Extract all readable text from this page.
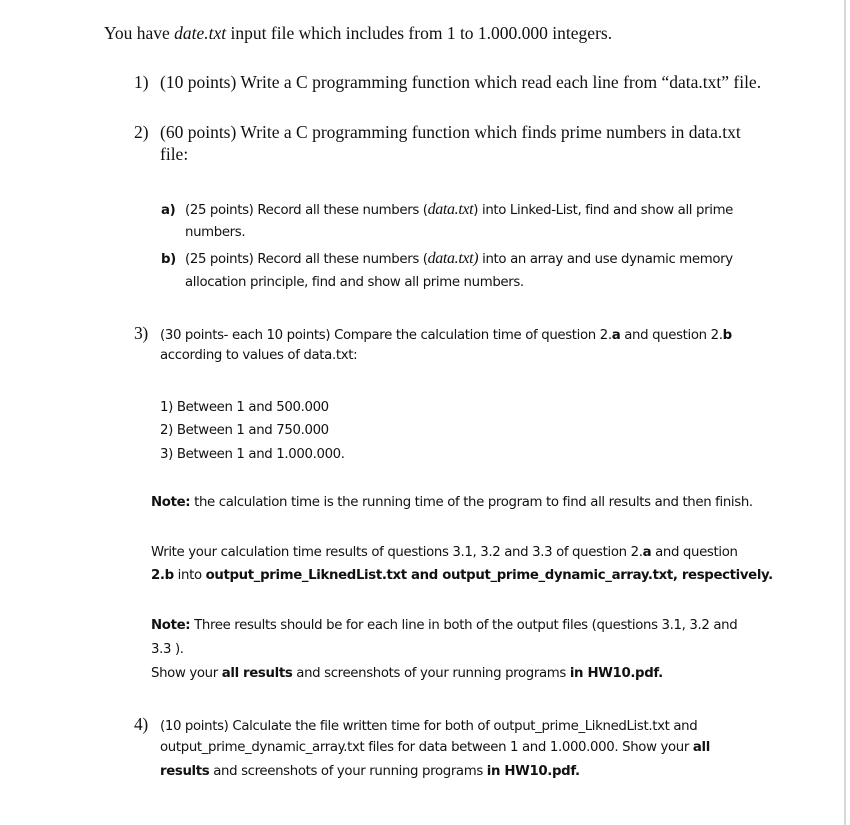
You have date.txt input file which includes from 1 to 1.000.000 integers.
1) (10 points) Write a C programming function which read each line from “data.txt” file.
2) (60 points) Write a C programming function which finds prime numbers in data.txt
file:
a) (25 points) Record all these numbers (data.txt) into Linked-List, find and show all prime
numbers.
b) (25 points) Record all these numbers (data.txt) into an array and use dynamic memory
allocation principle, find and show all prime numbers.
3) (30 points- each 10 points) Compare the calculation time of question 2.a and question 2.b
according to values of data.txt:
1) Between 1 and 500.000
2) Between 1 and 750.000
3) Between 1 and 1.000.000.
Note: the calculation time is the running time of the program to find all results and then finish.
Write your calculation time results of questions 3.1, 3.2 and 3.3 of question 2.a and question
2.b into output_prime_LiknedList.txt and output_prime_dynamic_array.txt, respectively.
Note: Three results should be for each line in both of the output files (questions 3.1, 3.2 and
3.3 ).
Show your all results and screenshots of your running programs in HW10.pdf.
4) (10 points) Calculate the file written time for both of output_prime_LiknedList.txt and
output_prime_dynamic_array.txt files for data between 1 and 1.000.000. Show your all
results and screenshots of your running programs in HW10.pdf.
